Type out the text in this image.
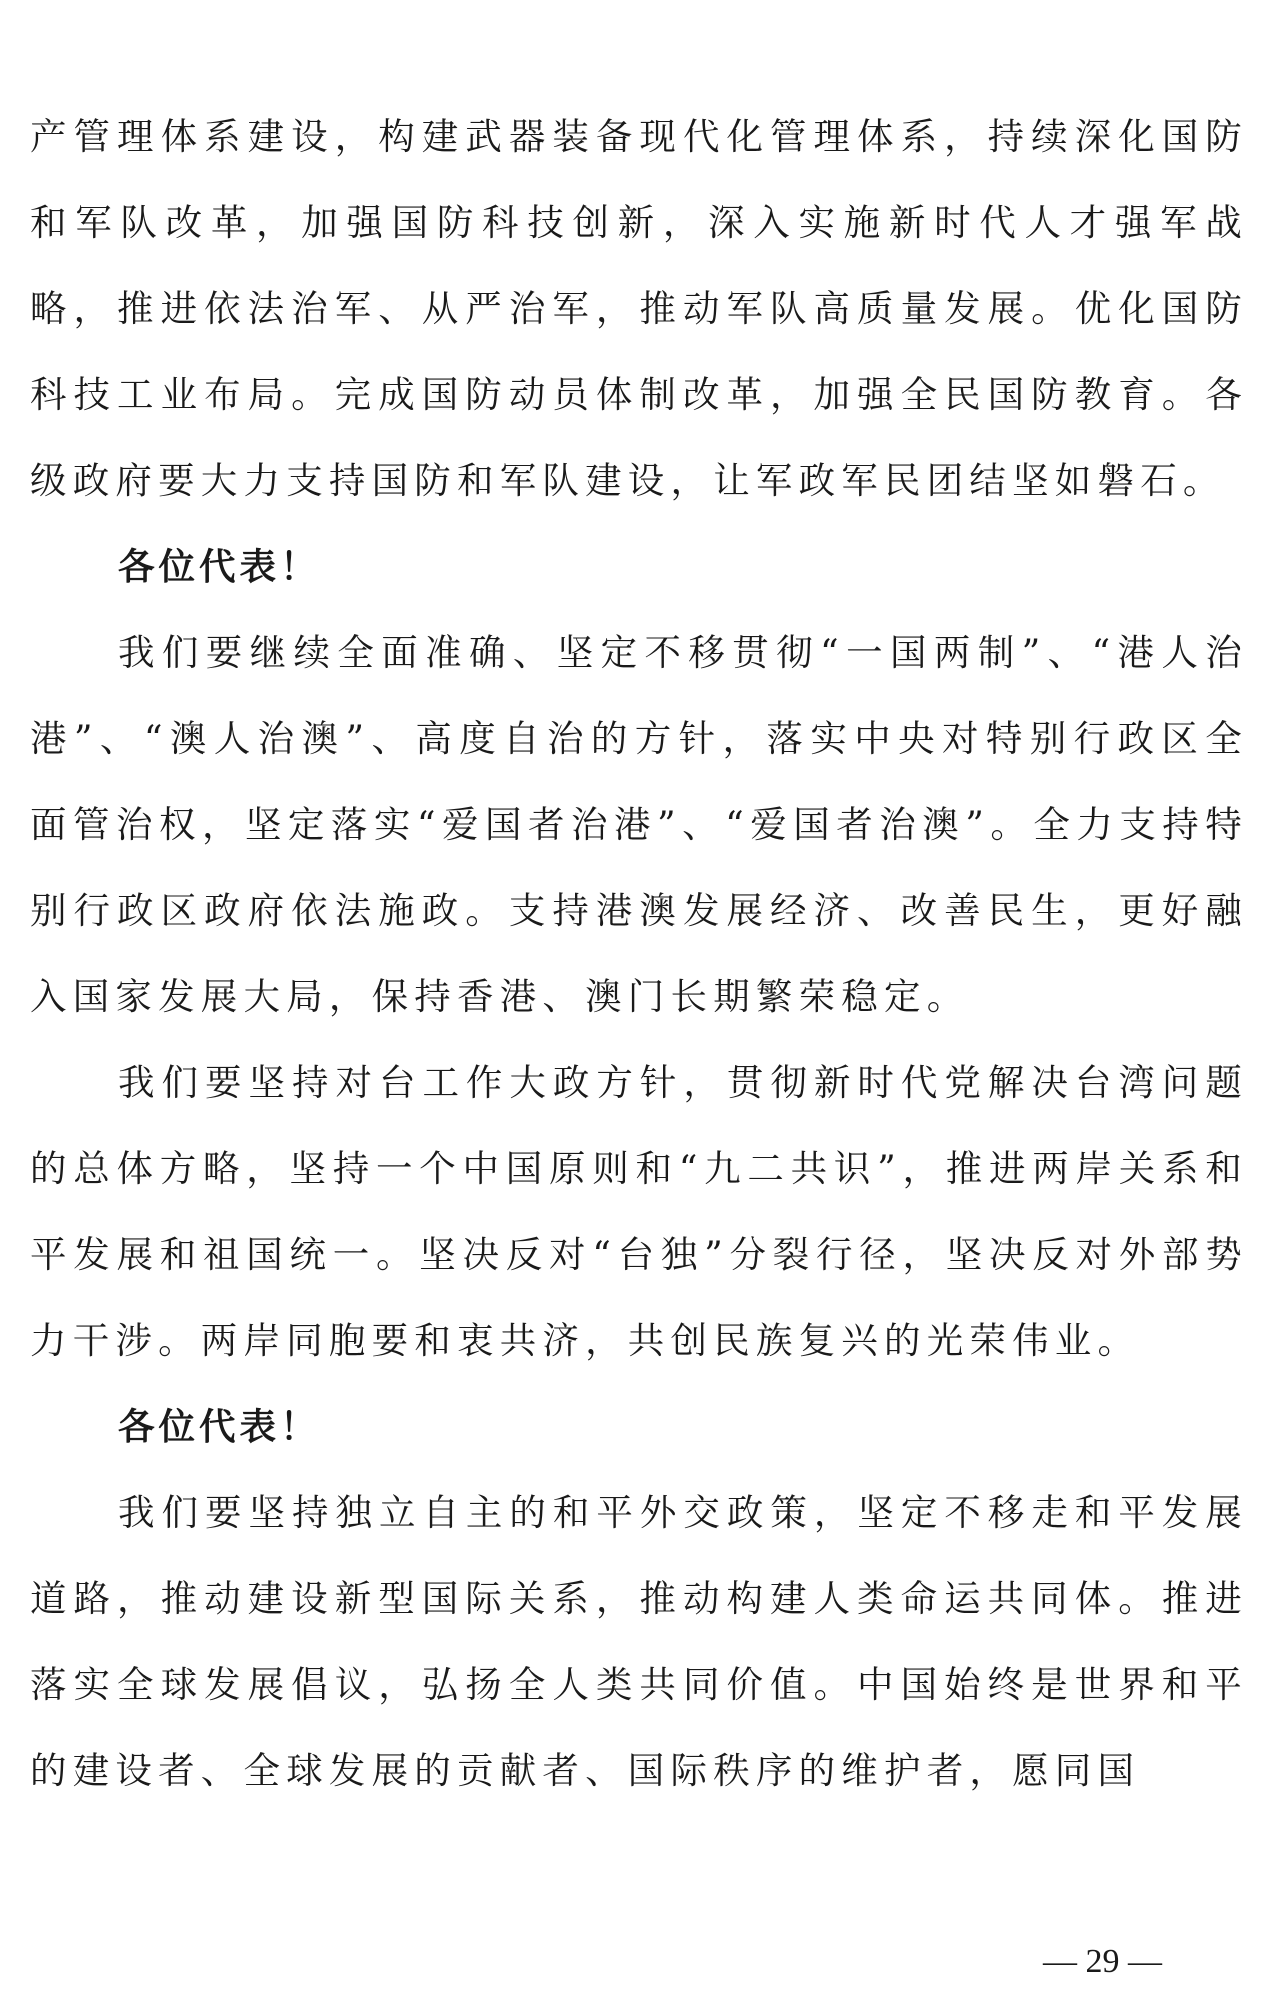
产管理体系建设，构建武器装备现代化管理体系，持续深化国防和军队改革，加强国防科技创新，深入实施新时代人才强军战略，推进依法治军、从严治军，推动军队高质量发展。优化国防科技工业布局。完成国防动员体制改革，加强全民国防教育。各级政府要大力支持国防和军队建设，让军政军民团结坚如磐石。

各位代表！

我们要继续全面准确、坚定不移贯彻“一国两制”、“港人治港”、“澳人治澳”、高度自治的方针，落实中央对特别行政区全面管治权，坚定落实“爱国者治港”、“爱国者治澳”。全力支持特别行政区政府依法施政。支持港澳发展经济、改善民生，更好融入国家发展大局，保持香港、澳门长期繁荣稳定。

我们要坚持对台工作大政方针，贯彻新时代党解决台湾问题的总体方略，坚持一个中国原则和“九二共识”，推进两岸关系和平发展和祖国统一。坚决反对“台独”分裂行径，坚决反对外部势力干涉。两岸同胞要和衷共济，共创民族复兴的光荣伟业。

各位代表！

我们要坚持独立自主的和平外交政策，坚定不移走和平发展道路，推动建设新型国际关系，推动构建人类命运共同体。推进落实全球发展倡议，弘扬全人类共同价值。中国始终是世界和平的建设者、全球发展的贡献者、国际秩序的维护者，愿同国

— 29 —
